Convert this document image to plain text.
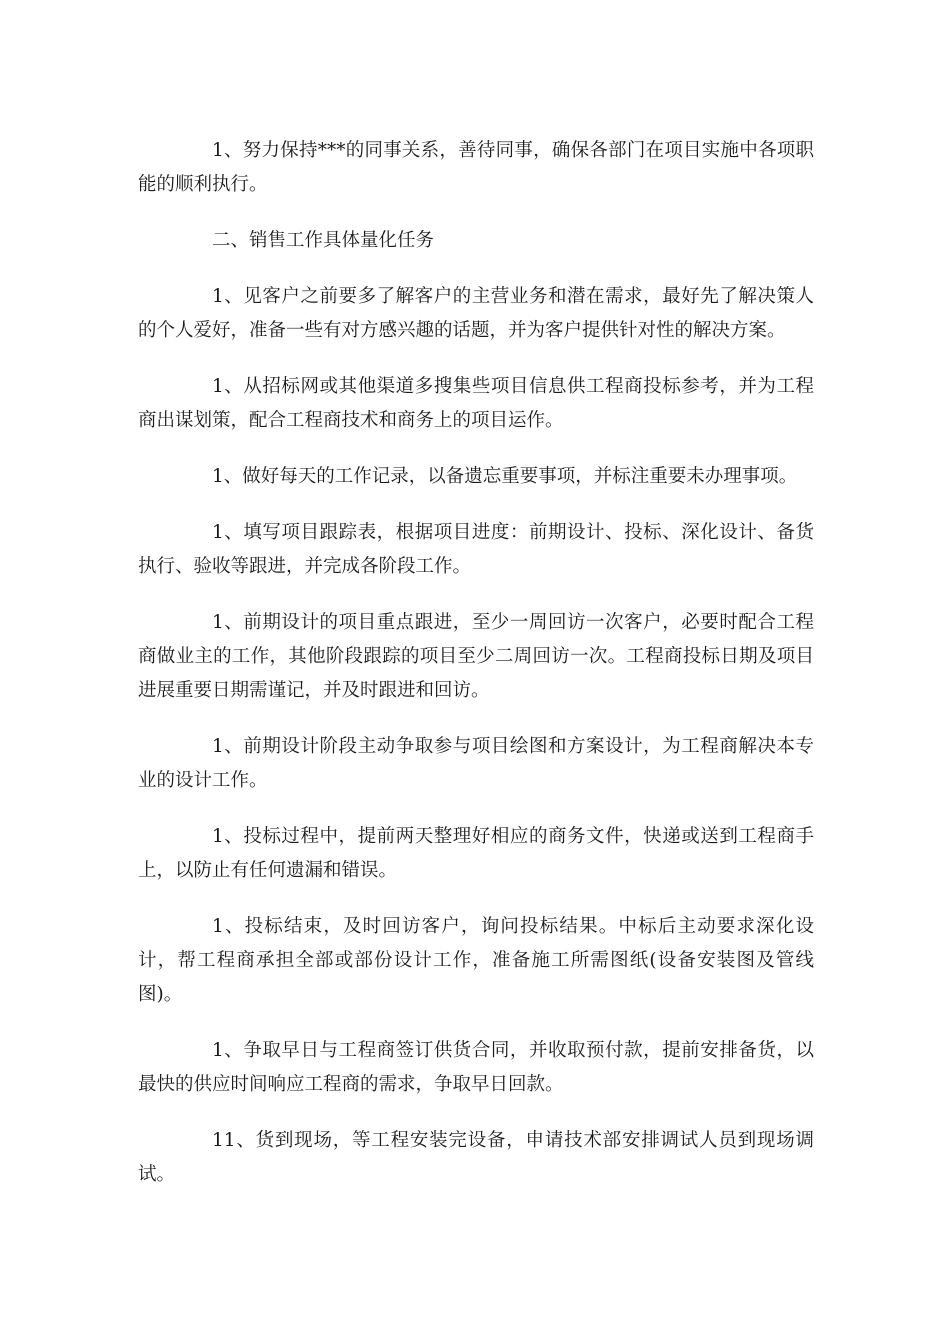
1、努力保持***的同事关系，善待同事，确保各部门在项目实施中各项职能的顺利执行。

二、销售工作具体量化任务

1、见客户之前要多了解客户的主营业务和潜在需求，最好先了解决策人的个人爱好，准备一些有对方感兴趣的话题，并为客户提供针对性的解决方案。

1、从招标网或其他渠道多搜集些项目信息供工程商投标参考，并为工程商出谋划策，配合工程商技术和商务上的项目运作。

1、做好每天的工作记录，以备遗忘重要事项，并标注重要未办理事项。

1、填写项目跟踪表，根据项目进度：前期设计、投标、深化设计、备货执行、验收等跟进，并完成各阶段工作。

1、前期设计的项目重点跟进，至少一周回访一次客户，必要时配合工程商做业主的工作，其他阶段跟踪的项目至少二周回访一次。工程商投标日期及项目进展重要日期需谨记，并及时跟进和回访。

1、前期设计阶段主动争取参与项目绘图和方案设计，为工程商解决本专业的设计工作。

1、投标过程中，提前两天整理好相应的商务文件，快递或送到工程商手上，以防止有任何遗漏和错误。

1、投标结束，及时回访客户，询问投标结果。中标后主动要求深化设计，帮工程商承担全部或部份设计工作，准备施工所需图纸(设备安装图及管线图)。

1、争取早日与工程商签订供货合同，并收取预付款，提前安排备货，以最快的供应时间响应工程商的需求，争取早日回款。

11、货到现场，等工程安装完设备，申请技术部安排调试人员到现场调试。
